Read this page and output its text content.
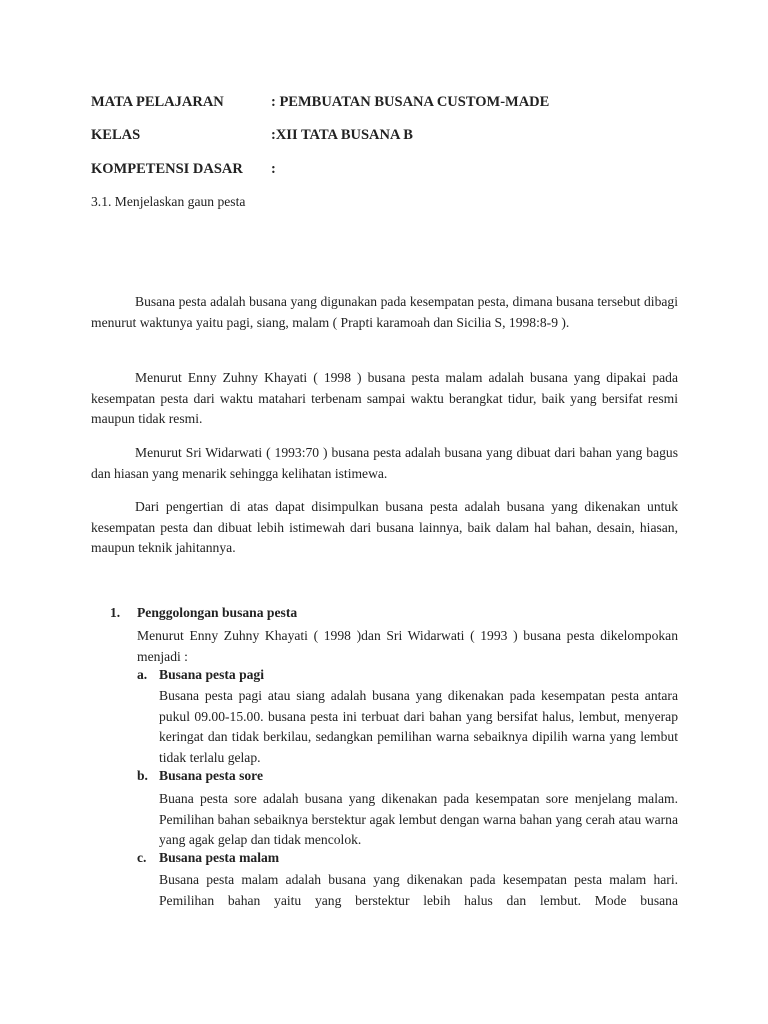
MATA PELAJARAN	: PEMBUATAN BUSANA CUSTOM-MADE
KELAS	:XII TATA BUSANA B
KOMPETENSI DASAR :
3.1. Menjelaskan gaun pesta

Busana pesta adalah busana yang digunakan pada kesempatan pesta, dimana busana tersebut dibagi menurut waktunya yaitu pagi, siang, malam ( Prapti karamoah dan Sicilia S, 1998:8-9 ).

Menurut Enny Zuhny Khayati ( 1998 ) busana pesta malam adalah busana yang dipakai pada kesempatan pesta dari waktu matahari terbenam sampai waktu berangkat tidur, baik yang bersifat resmi maupun tidak resmi.

Menurut Sri Widarwati ( 1993:70 ) busana pesta adalah busana yang dibuat dari bahan yang bagus dan hiasan yang menarik sehingga kelihatan istimewa.

Dari pengertian di atas dapat disimpulkan busana pesta adalah busana yang dikenakan untuk kesempatan pesta dan dibuat lebih istimewah dari busana lainnya, baik dalam hal bahan, desain, hiasan, maupun teknik jahitannya.

1. Penggolongan busana pesta

Menurut Enny Zuhny Khayati ( 1998 )dan Sri Widarwati ( 1993 ) busana pesta dikelompokan menjadi :

a. Busana pesta pagi

Busana pesta pagi atau siang adalah busana yang dikenakan pada kesempatan pesta antara pukul 09.00-15.00. busana pesta ini terbuat dari bahan yang bersifat halus, lembut, menyerap keringat dan tidak berkilau, sedangkan pemilihan warna sebaiknya dipilih warna yang lembut tidak terlalu gelap.

b. Busana pesta sore

Buana pesta sore adalah busana yang dikenakan pada kesempatan sore menjelang malam. Pemilihan bahan sebaiknya berstektur agak lembut dengan warna bahan yang cerah atau warna yang agak gelap dan tidak mencolok.

c. Busana pesta malam

Busana pesta malam adalah busana yang dikenakan pada kesempatan pesta malam hari. Pemilihan bahan yaitu yang berstektur lebih halus dan lembut. Mode busana
